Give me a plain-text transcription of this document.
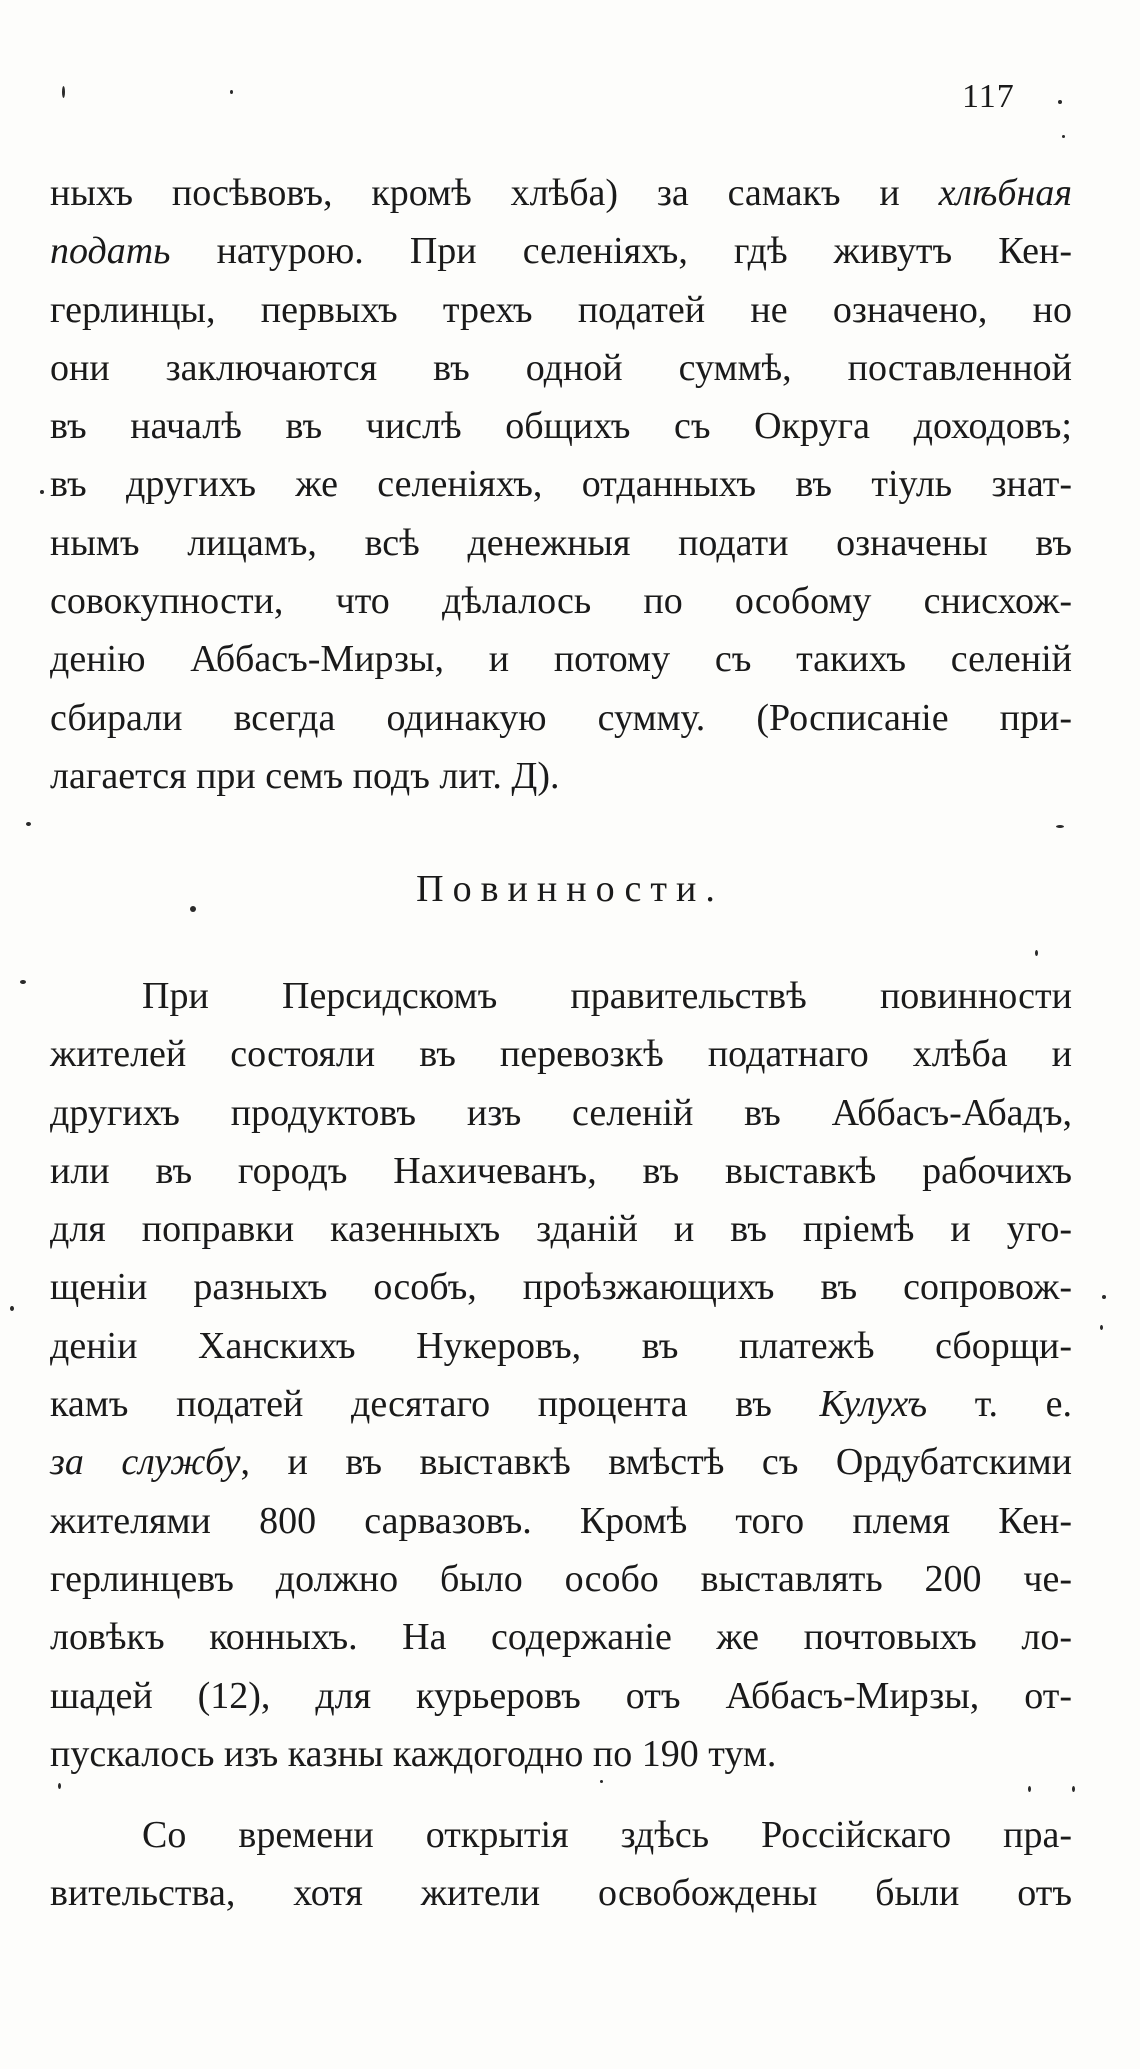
117
ныхъ посѣвовъ, кромѣ хлѣба) за самакъ и хлѣбная
подать натурою. При селеніяхъ, гдѣ живутъ Кен-
герлинцы, первыхъ трехъ податей не означено, но
они заключаются въ одной суммѣ, поставленной
въ началѣ въ числѣ общихъ съ Округа доходовъ;
въ другихъ же селеніяхъ, отданныхъ въ тіуль знат-
нымъ лицамъ, всѣ денежныя подати означены въ
совокупности, что дѣлалось по особому снисхож-
денію Аббасъ-Мирзы, и потому съ такихъ селеній
сбирали всегда одинакую сумму. (Росписаніе при-
лагается при семъ подъ лит. Д).
Повинности.
При Персидскомъ правительствѣ повинности
жителей состояли въ перевозкѣ податнаго хлѣба и
другихъ продуктовъ изъ селеній въ Аббасъ-Абадъ,
или въ городъ Нахичеванъ, въ выставкѣ рабочихъ
для поправки казенныхъ зданій и въ пріемѣ и уго-
щеніи разныхъ особъ, проѣзжающихъ въ сопровож-
деніи Ханскихъ Нукеровъ, въ платежѣ сборщи-
камъ податей десятаго процента въ Кулухъ т. е.
за службу, и въ выставкѣ вмѣстѣ съ Ордубатскими
жителями 800 сарвазовъ. Кромѣ того племя Кен-
герлинцевъ должно было особо выставлять 200 че-
ловѣкъ конныхъ. На содержаніе же почтовыхъ ло-
шадей (12), для курьеровъ отъ Аббасъ-Мирзы, от-
пускалось изъ казны каждогодно по 190 тум.
Со времени открытія здѣсь Россійскаго пра-
вительства, хотя жители освобождены были отъ
